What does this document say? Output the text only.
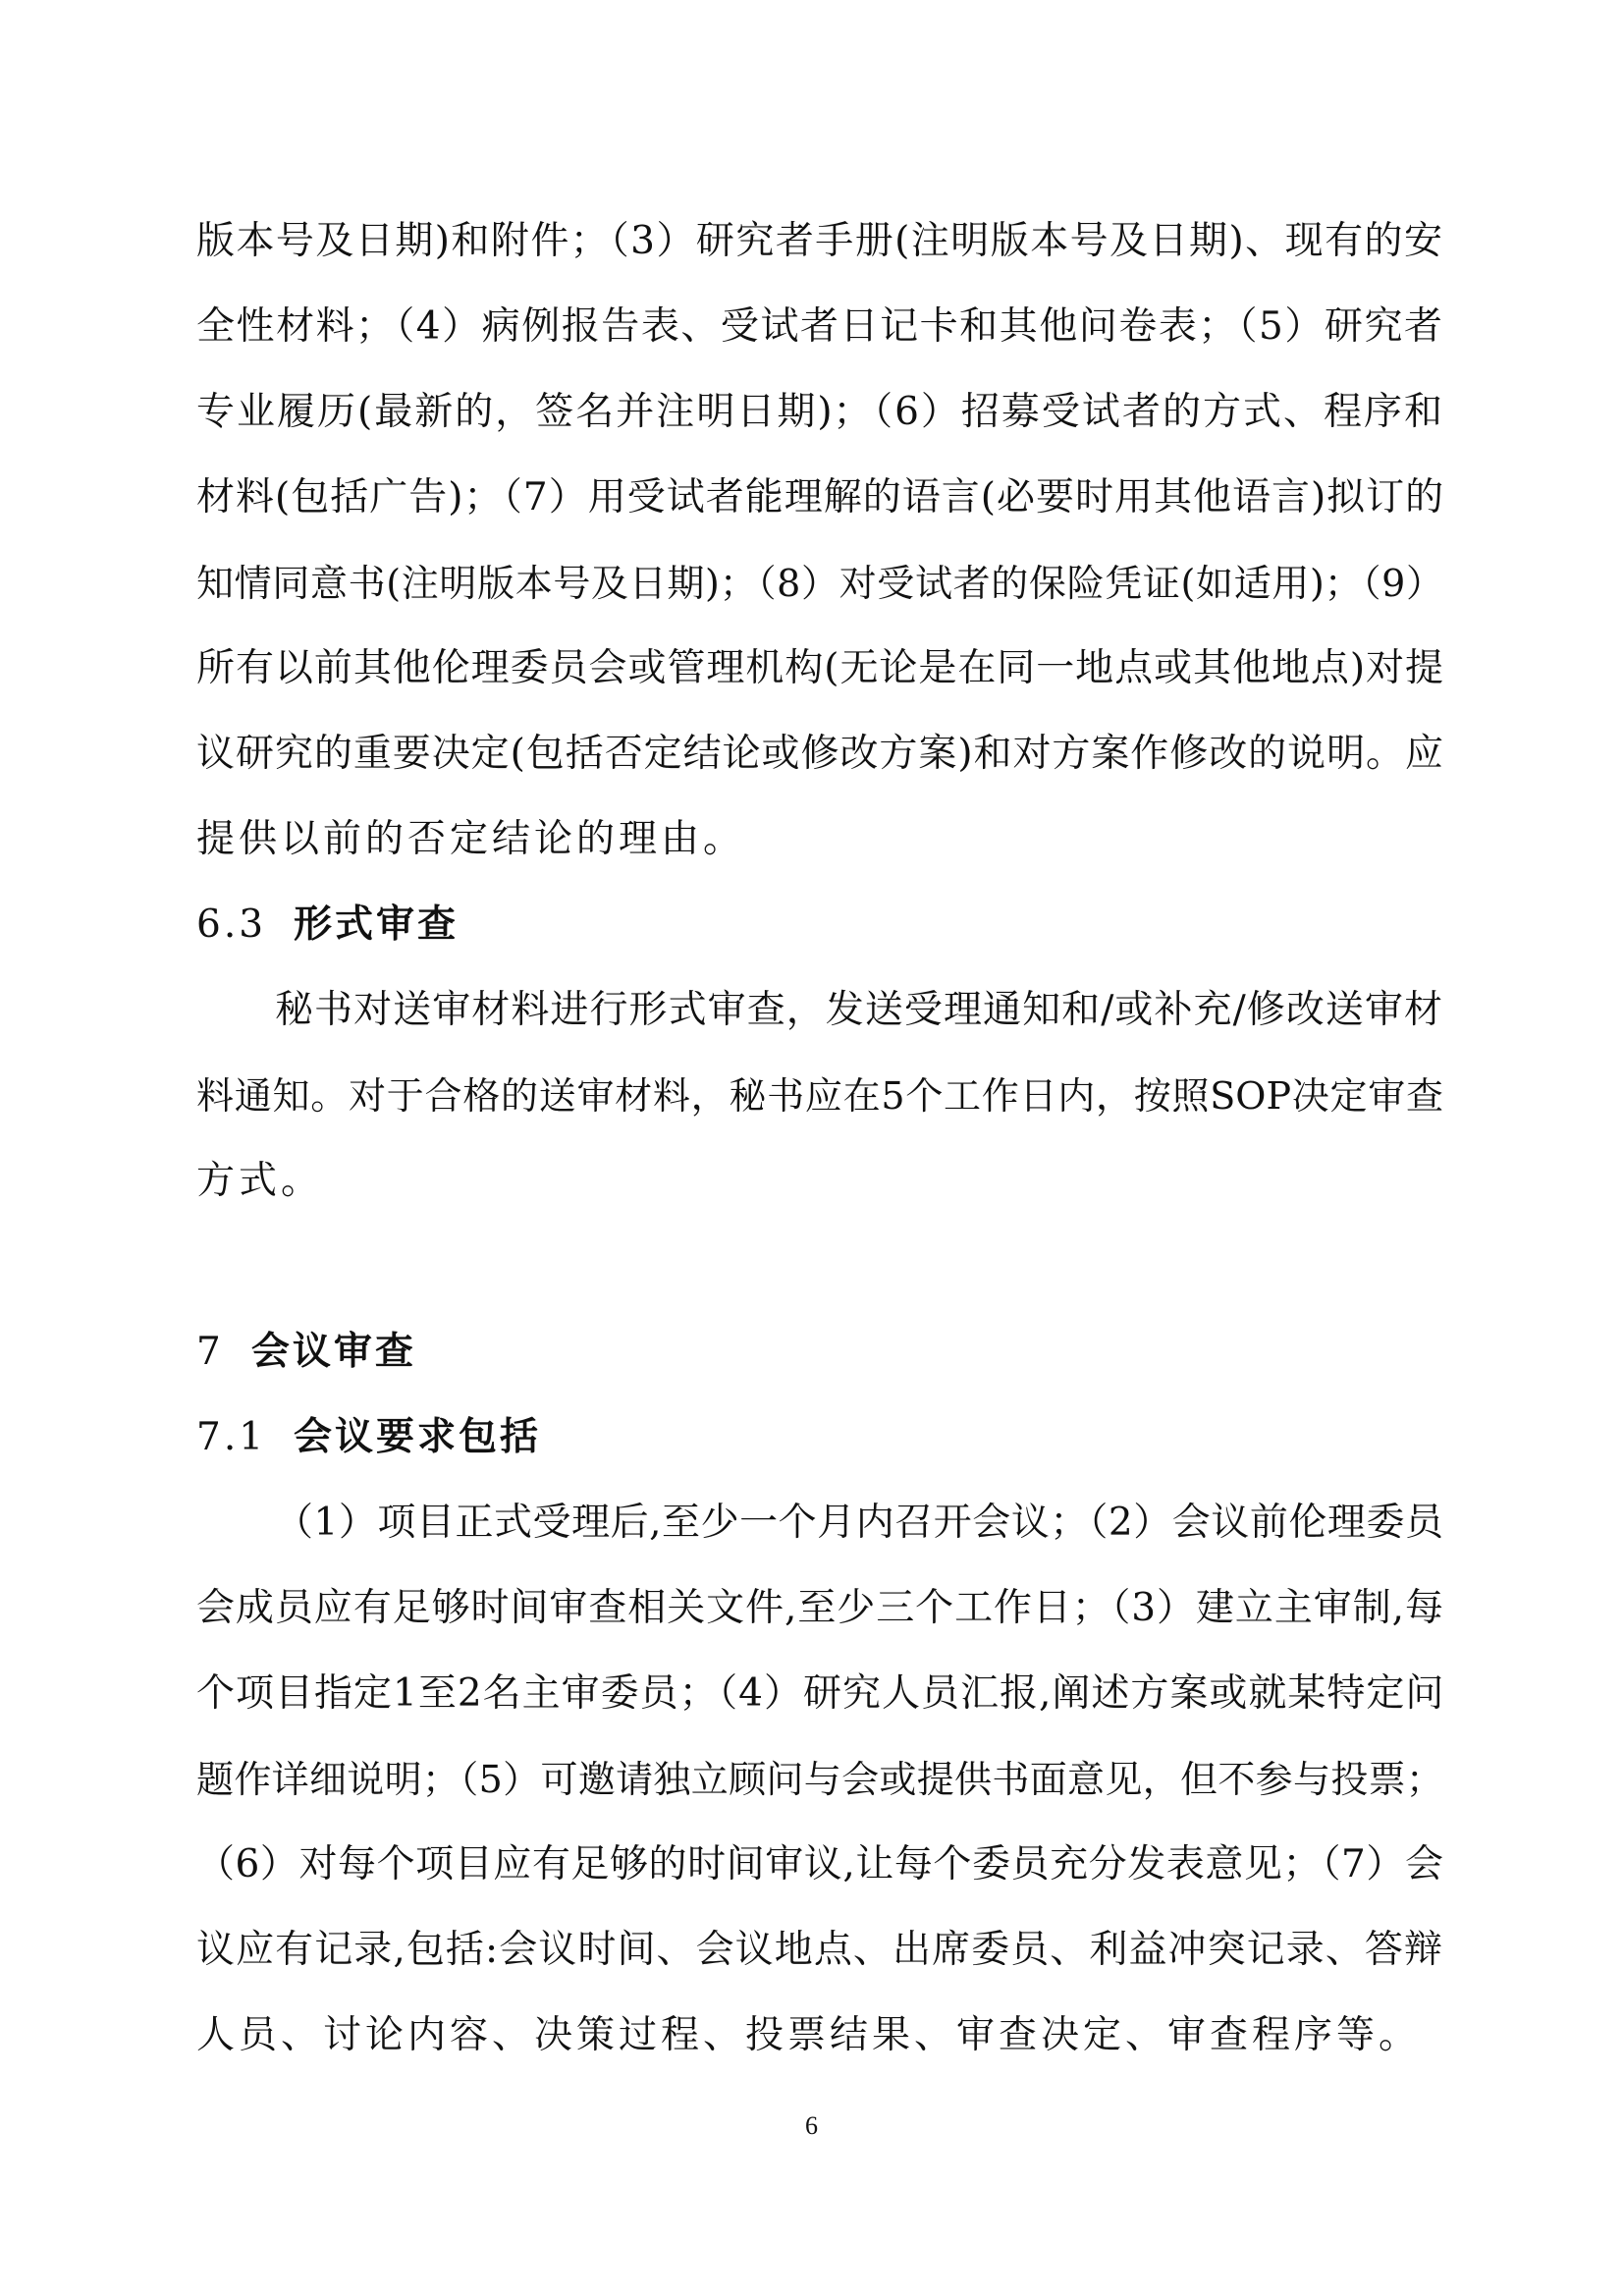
版本号及日期)和附件；（3）研究者手册(注明版本号及日期)、现有的安
全性材料；（4）病例报告表、受试者日记卡和其他问卷表；（5）研究者
专业履历(最新的，签名并注明日期)；（6）招募受试者的方式、程序和
材料(包括广告)；（7）用受试者能理解的语言(必要时用其他语言)拟订的
知情同意书(注明版本号及日期)；（8）对受试者的保险凭证(如适用)；（9）
所有以前其他伦理委员会或管理机构(无论是在同一地点或其他地点)对提
议研究的重要决定(包括否定结论或修改方案)和对方案作修改的说明。应
提供以前的否定结论的理由。
6.3 形式审查
秘书对送审材料进行形式审查，发送受理通知和/或补充/修改送审材
料通知。对于合格的送审材料，秘书应在5个工作日内，按照SOP决定审查
方式。
7 会议审查
7.1 会议要求包括
（1）项目正式受理后,至少一个月内召开会议；（2）会议前伦理委员
会成员应有足够时间审查相关文件,至少三个工作日；（3）建立主审制,每
个项目指定1至2名主审委员；（4）研究人员汇报,阐述方案或就某特定问
题作详细说明；（5）可邀请独立顾问与会或提供书面意见，但不参与投票；
（6）对每个项目应有足够的时间审议,让每个委员充分发表意见；（7）会
议应有记录,包括:会议时间、会议地点、出席委员、利益冲突记录、答辩
人员、讨论内容、决策过程、投票结果、审查决定、审查程序等。
6
